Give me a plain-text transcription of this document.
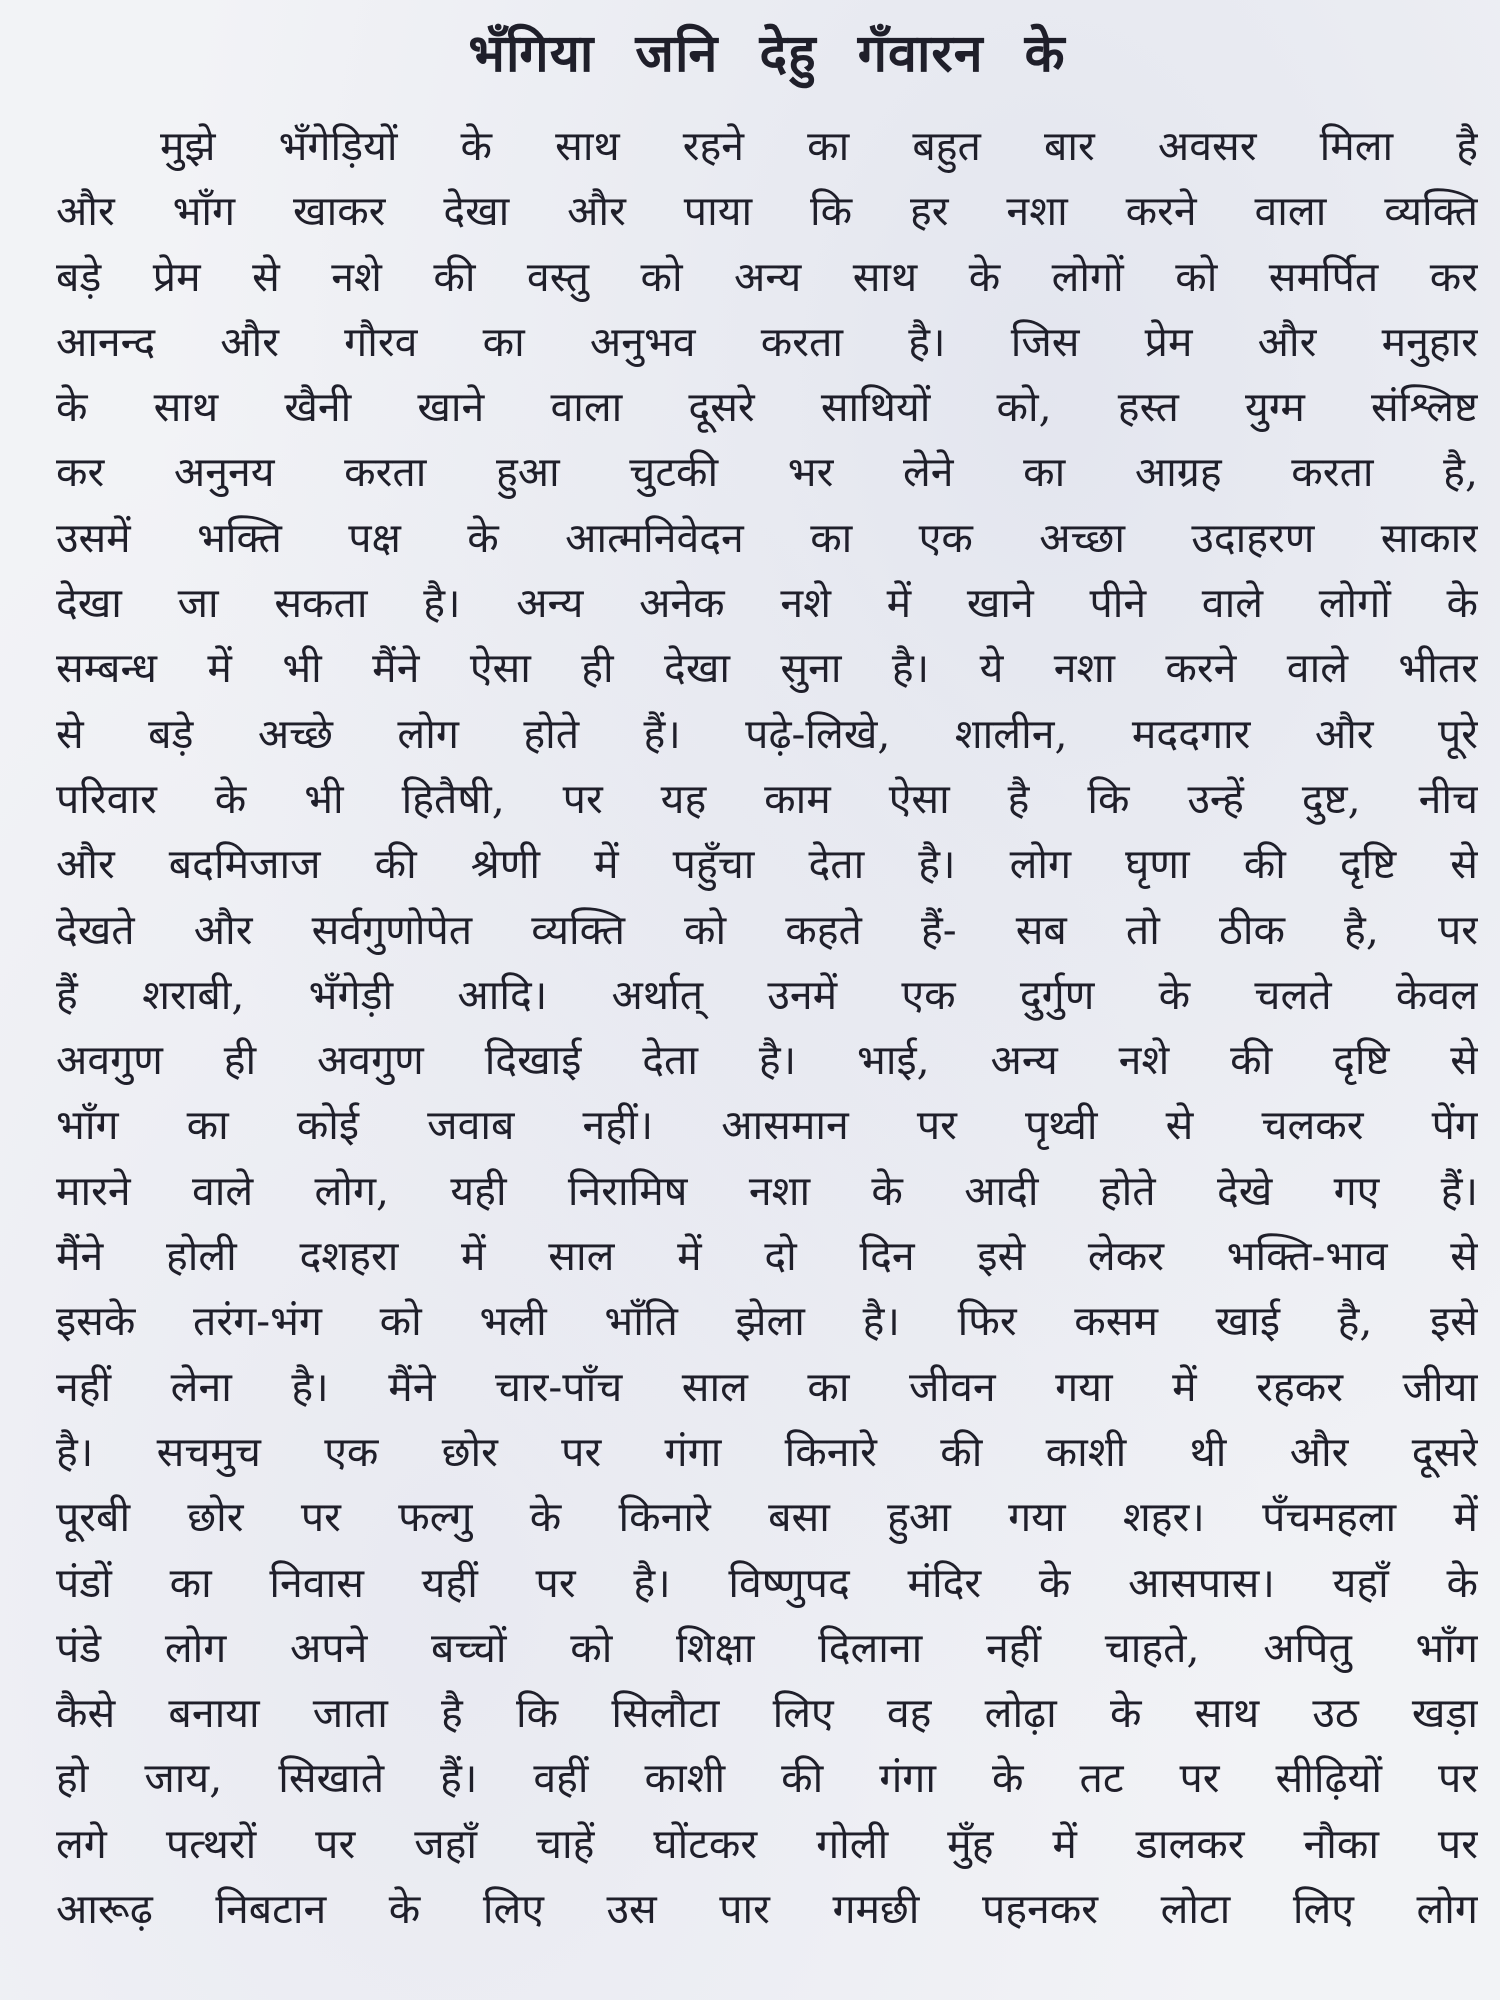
भँगिया जनि देहु गँवारन के
मुझे भँगेड़ियों के साथ रहने का बहुत बार अवसर मिला है
और भाँग खाकर देखा और पाया कि हर नशा करने वाला व्यक्ति
बड़े प्रेम से नशे की वस्तु को अन्य साथ के लोगों को समर्पित कर
आनन्द और गौरव का अनुभव करता है। जिस प्रेम और मनुहार
के साथ खैनी खाने वाला दूसरे साथियों को, हस्त युग्म संश्लिष्ट
कर अनुनय करता हुआ चुटकी भर लेने का आग्रह करता है,
उसमें भक्ति पक्ष के आत्मनिवेदन का एक अच्छा उदाहरण साकार
देखा जा सकता है। अन्य अनेक नशे में खाने पीने वाले लोगों के
सम्बन्ध में भी मैंने ऐसा ही देखा सुना है। ये नशा करने वाले भीतर
से बड़े अच्छे लोग होते हैं। पढ़े-लिखे, शालीन, मददगार और पूरे
परिवार के भी हितैषी, पर यह काम ऐसा है कि उन्हें दुष्ट, नीच
और बदमिजाज की श्रेणी में पहुँचा देता है। लोग घृणा की दृष्टि से
देखते और सर्वगुणोपेत व्यक्ति को कहते हैं- सब तो ठीक है, पर
हैं शराबी, भँगेड़ी आदि। अर्थात् उनमें एक दुर्गुण के चलते केवल
अवगुण ही अवगुण दिखाई देता है। भाई, अन्य नशे की दृष्टि से
भाँग का कोई जवाब नहीं। आसमान पर पृथ्वी से चलकर पेंग
मारने वाले लोग, यही निरामिष नशा के आदी होते देखे गए हैं।
मैंने होली दशहरा में साल में दो दिन इसे लेकर भक्ति-भाव से
इसके तरंग-भंग को भली भाँति झेला है। फिर कसम खाई है, इसे
नहीं लेना है। मैंने चार-पाँच साल का जीवन गया में रहकर जीया
है। सचमुच एक छोर पर गंगा किनारे की काशी थी और दूसरे
पूरबी छोर पर फल्गु के किनारे बसा हुआ गया शहर। पँचमहला में
पंडों का निवास यहीं पर है। विष्णुपद मंदिर के आसपास। यहाँ के
पंडे लोग अपने बच्चों को शिक्षा दिलाना नहीं चाहते, अपितु भाँग
कैसे बनाया जाता है कि सिलौटा लिए वह लोढ़ा के साथ उठ खड़ा
हो जाय, सिखाते हैं। वहीं काशी की गंगा के तट पर सीढ़ियों पर
लगे पत्थरों पर जहाँ चाहें घोंटकर गोली मुँह में डालकर नौका पर
आरूढ़ निबटान के लिए उस पार गमछी पहनकर लोटा लिए लोग
